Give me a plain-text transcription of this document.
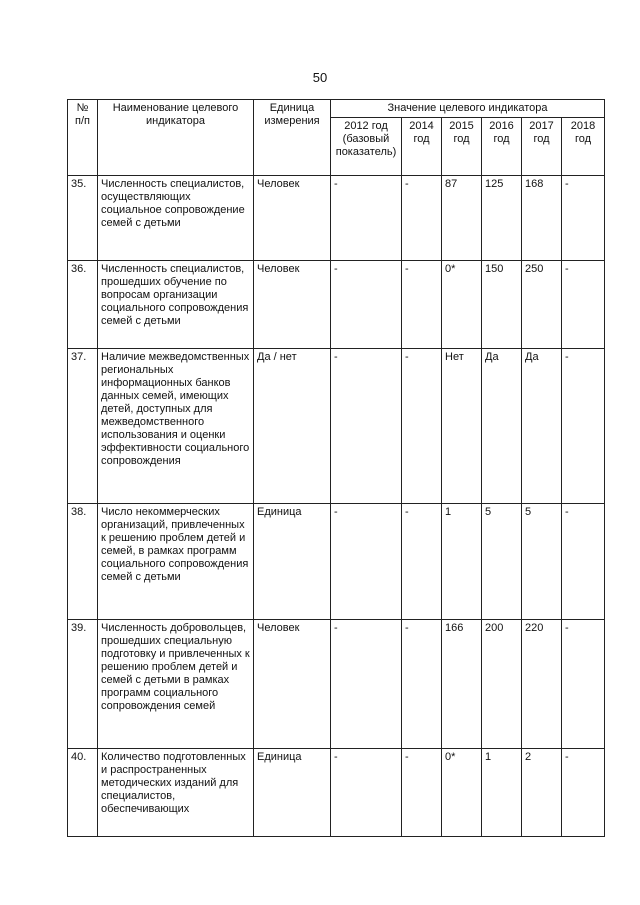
50
№ п/п	Наименование целевого индикатора	Единица измерения	Значение целевого индикатора					
			2012 год (базовый показатель)	2014 год	2015 год	2016 год	2017 год	2018 год
35.	Численность специалистов, осуществляющих социальное сопровождение семей с детьми	Человек	-	-	87	125	168	-
36.	Численность специалистов, прошедших обучение по вопросам организации социального сопровождения семей с детьми	Человек	-	-	0*	150	250	-
37.	Наличие межведомственных региональных информационных банков данных семей, имеющих детей, доступных для межведомственного использования и оценки эффективности социального сопровождения	Да / нет	-	-	Нет	Да	Да	-
38.	Число некоммерческих организаций, привлеченных к решению проблем детей и семей, в рамках программ социального сопровождения семей с детьми	Единица	-	-	1	5	5	-
39.	Численность добровольцев, прошедших специальную подготовку и привлеченных к решению проблем детей и семей с детьми в рамках программ социального сопровождения семей	Человек	-	-	166	200	220	-
40.	Количество подготовленных и распространенных методических изданий для специалистов, обеспечивающих	Единица	-	-	0*	1	2	-
